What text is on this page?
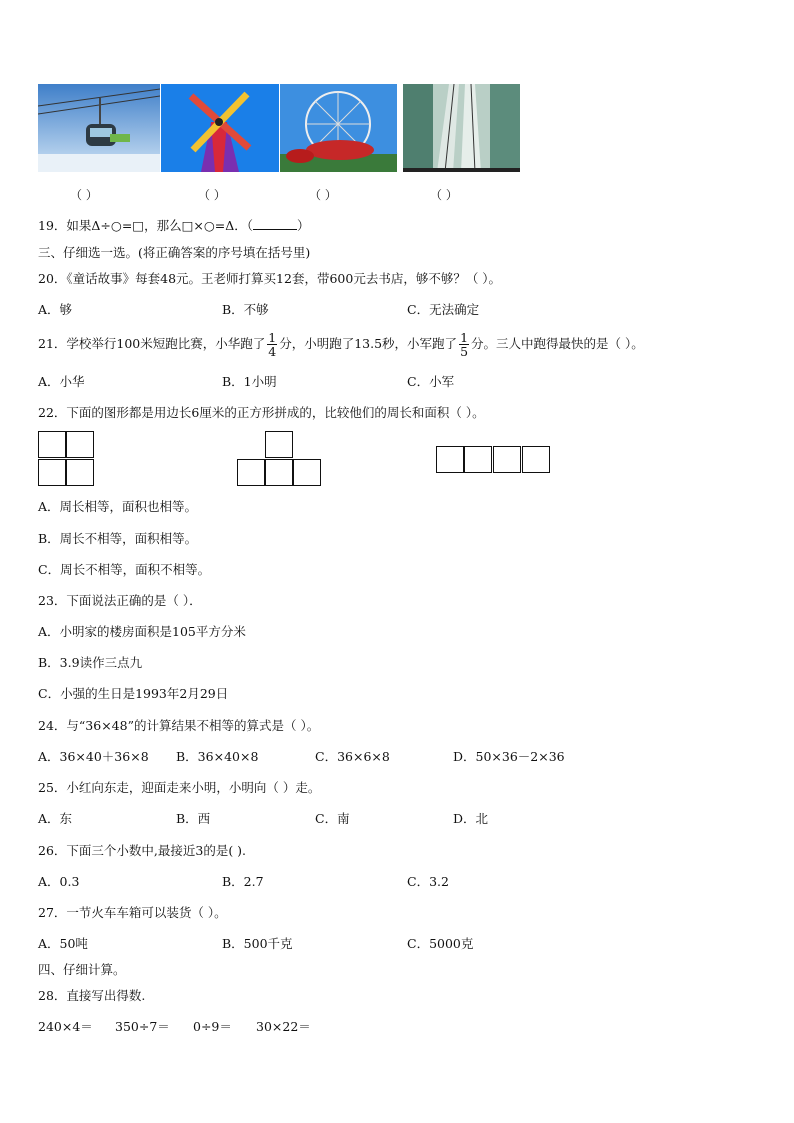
（ ）	（ ）	（ ）	（ ）
19．如果Δ÷○=□，那么□×○=Δ．（	）
三、仔细选一选。(将正确答案的序号填在括号里)
20．《童话故事》每套48元。王老师打算买12套，带600元去书店，够不够？（ ）。
A．够	B．不够	C．无法确定
21．学校举行100米短跑比赛，小华跑了 $\frac{1}{4}$ 分，小明跑了13.5秒，小军跑了 $\frac{1}{5}$ 分。三人中跑得最快的是（ ）。
A．小华	B．1小明	C．小军
22．下面的图形都是用边长6厘米的正方形拼成的，比较他们的周长和面积（ ）。
A．周长相等，面积也相等。
B．周长不相等，面积相等。
C．周长不相等，面积不相等。
23．下面说法正确的是（ ）．
A．小明家的楼房面积是105平方分米
B．3.9读作三点九
C．小强的生日是1993年2月29日
24．与“36×48”的计算结果不相等的算式是（ ）。
A．36×40＋36×8 B．36×40×8	C．36×6×8	D．50×36－2×36
25．小红向东走，迎面走来小明，小明向（ ）走。
A．东	B．西	C．南	D．北
26．下面三个小数中,最接近3的是( ).
A．0.3	B．2.7	C．3.2
27．一节火车车箱可以装货（ ）。
A．50吨	B．500千克	C．5000克
四、仔细计算。
28．直接写出得数.
240×4＝ 350÷7＝ 0÷9＝ 30×22＝
